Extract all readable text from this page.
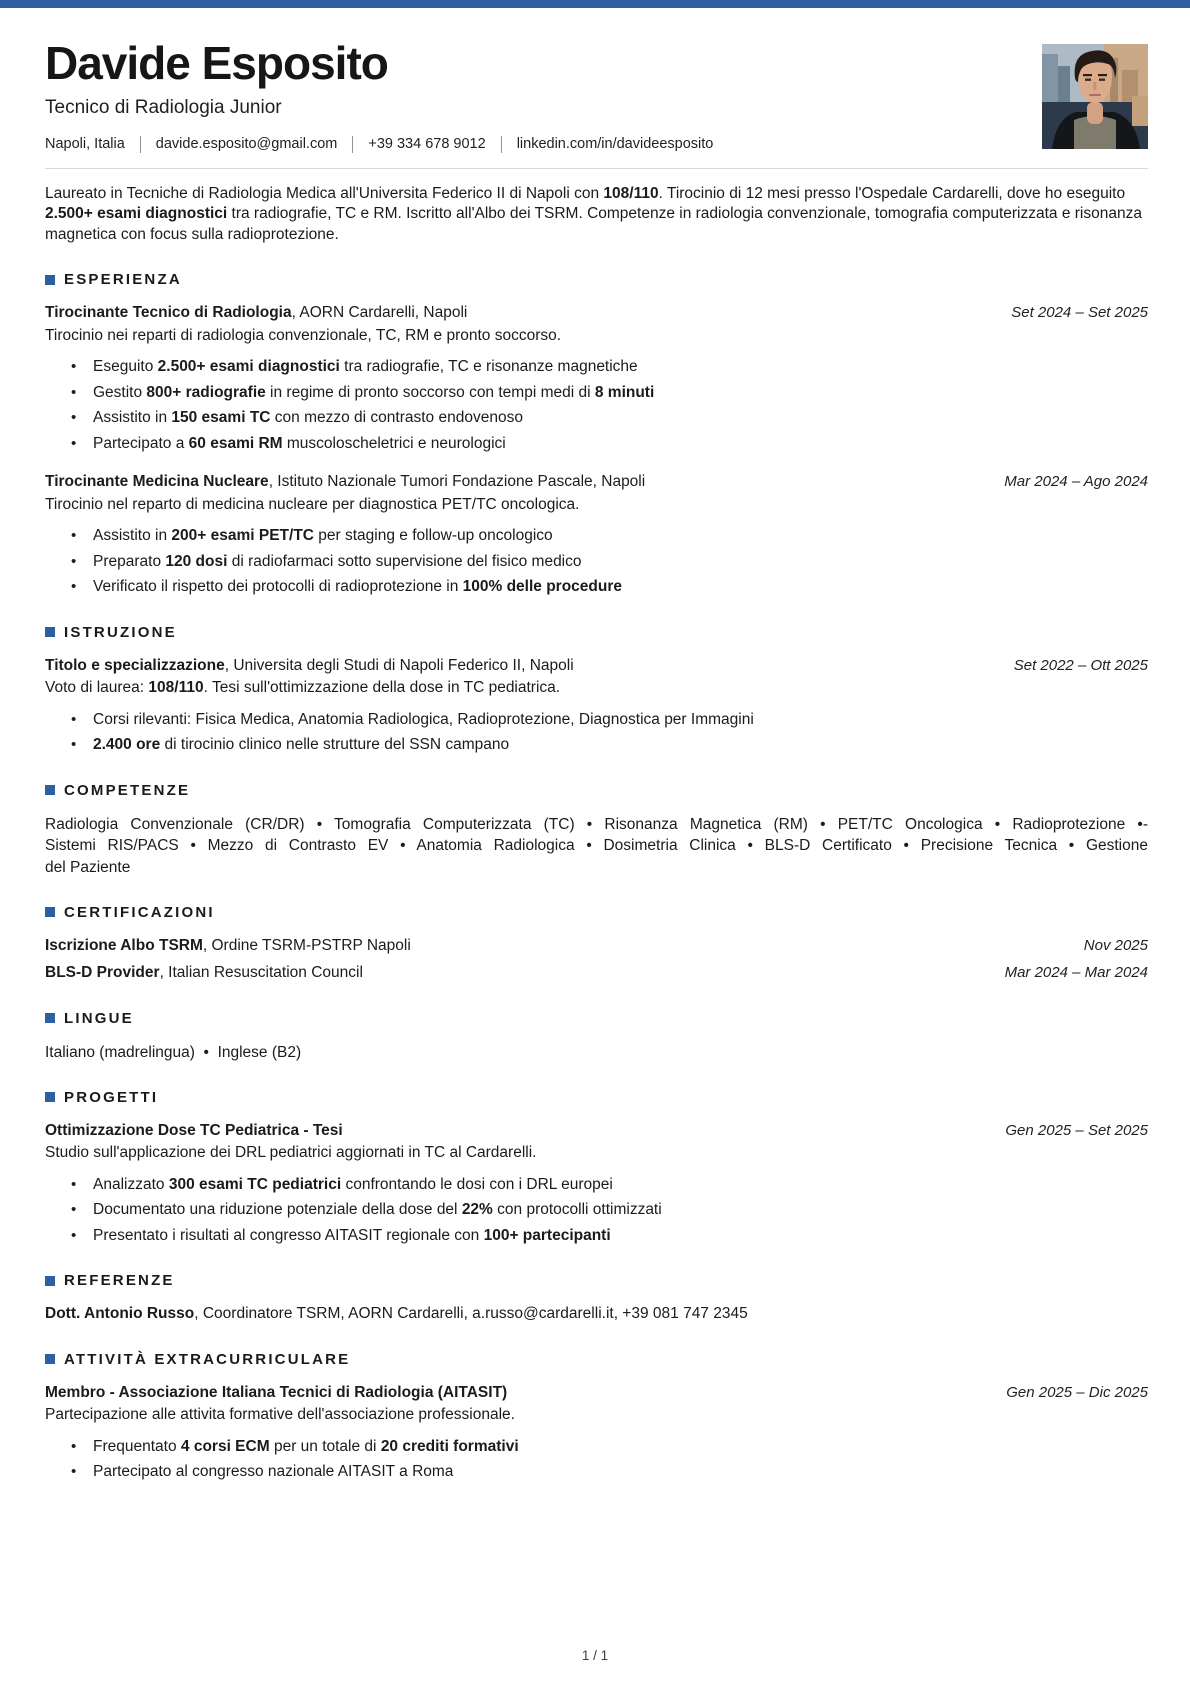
Davide Esposito
Tecnico di Radiologia Junior
Napoli, Italia davide.esposito@gmail.com +39 334 678 9012 linkedin.com/in/davideesposito

Laureato in Tecniche di Radiologia Medica all'Universita Federico II di Napoli con 108/110. Tirocinio di 12 mesi presso l'Ospedale Cardarelli, dove ho eseguito 2.500+ esami diagnostici tra radiografie, TC e RM. Iscritto all'Albo dei TSRM. Competenze in radiologia convenzionale, tomografia computerizzata e risonanza magnetica con focus sulla radioprotezione.

ESPERIENZA
Tirocinante Tecnico di Radiologia, AORN Cardarelli, Napoli	Set 2024 – Set 2025
Tirocinio nei reparti di radiologia convenzionale, TC, RM e pronto soccorso.
• Eseguito 2.500+ esami diagnostici tra radiografie, TC e risonanze magnetiche
• Gestito 800+ radiografie in regime di pronto soccorso con tempi medi di 8 minuti
• Assistito in 150 esami TC con mezzo di contrasto endovenoso
• Partecipato a 60 esami RM muscoloscheletrici e neurologici
Tirocinante Medicina Nucleare, Istituto Nazionale Tumori Fondazione Pascale, Napoli	Mar 2024 – Ago 2024
Tirocinio nel reparto di medicina nucleare per diagnostica PET/TC oncologica.
• Assistito in 200+ esami PET/TC per staging e follow-up oncologico
• Preparato 120 dosi di radiofarmaci sotto supervisione del fisico medico
• Verificato il rispetto dei protocolli di radioprotezione in 100% delle procedure
ISTRUZIONE
Titolo e specializzazione, Universita degli Studi di Napoli Federico II, Napoli	Set 2022 – Ott 2025
Voto di laurea: 108/110. Tesi sull'ottimizzazione della dose in TC pediatrica.
• Corsi rilevanti: Fisica Medica, Anatomia Radiologica, Radioprotezione, Diagnostica per Immagini
• 2.400 ore di tirocinio clinico nelle strutture del SSN campano
COMPETENZE
Radiologia Convenzionale (CR/DR) • Tomografia Computerizzata (TC) • Risonanza Magnetica (RM) • PET/TC Oncologica • Radioprotezione •-
Sistemi RIS/PACS • Mezzo di Contrasto EV • Anatomia Radiologica • Dosimetria Clinica • BLS-D Certificato • Precisione Tecnica • Gestione
del Paziente
CERTIFICAZIONI
Iscrizione Albo TSRM, Ordine TSRM-PSTRP Napoli	Nov 2025
BLS-D Provider, Italian Resuscitation Council	Mar 2024 – Mar 2024
LINGUE
Italiano (madrelingua)  •  Inglese (B2)
PROGETTI
Ottimizzazione Dose TC Pediatrica - Tesi	Gen 2025 – Set 2025
Studio sull'applicazione dei DRL pediatrici aggiornati in TC al Cardarelli.
• Analizzato 300 esami TC pediatrici confrontando le dosi con i DRL europei
• Documentato una riduzione potenziale della dose del 22% con protocolli ottimizzati
• Presentato i risultati al congresso AITASIT regionale con 100+ partecipanti
REFERENZE
Dott. Antonio Russo, Coordinatore TSRM, AORN Cardarelli, a.russo@cardarelli.it, +39 081 747 2345
ATTIVITÀ EXTRACURRICULARE
Membro - Associazione Italiana Tecnici di Radiologia (AITASIT)	Gen 2025 – Dic 2025
Partecipazione alle attivita formative dell'associazione professionale.
• Frequentato 4 corsi ECM per un totale di 20 crediti formativi
• Partecipato al congresso nazionale AITASIT a Roma
1 / 1
